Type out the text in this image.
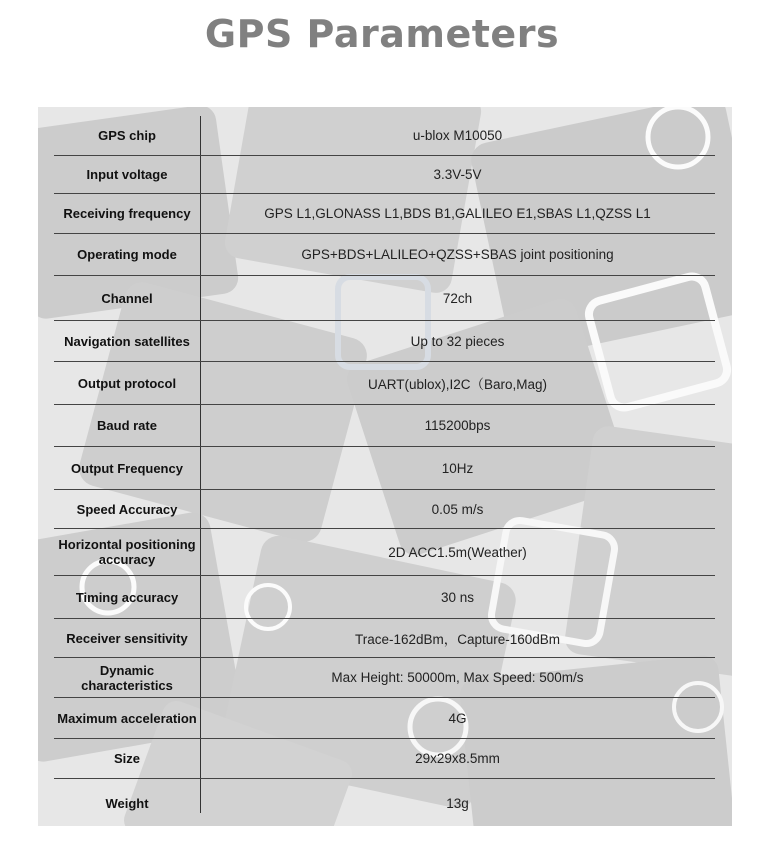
GPS Parameters
GPS chip	u-blox M10050
Input voltage	3.3V-5V
Receiving frequency	GPS L1,GLONASS L1,BDS B1,GALILEO E1,SBAS L1,QZSS L1
Operating mode	GPS+BDS+LALILEO+QZSS+SBAS joint positioning
Channel	72ch
Navigation satellites	Up to 32 pieces
Output protocol	UART(ublox),I2C（Baro,Mag)
Baud rate	115200bps
Output Frequency	10Hz
Speed Accuracy	0.05 m/s
Horizontal positioning accuracy	2D ACC1.5m(Weather)
Timing accuracy	30 ns
Receiver sensitivity	Trace-162dBm，Capture-160dBm
Dynamic characteristics	Max Height: 50000m, Max Speed: 500m/s
Maximum acceleration	4G
Size	29x29x8.5mm
Weight	13g
